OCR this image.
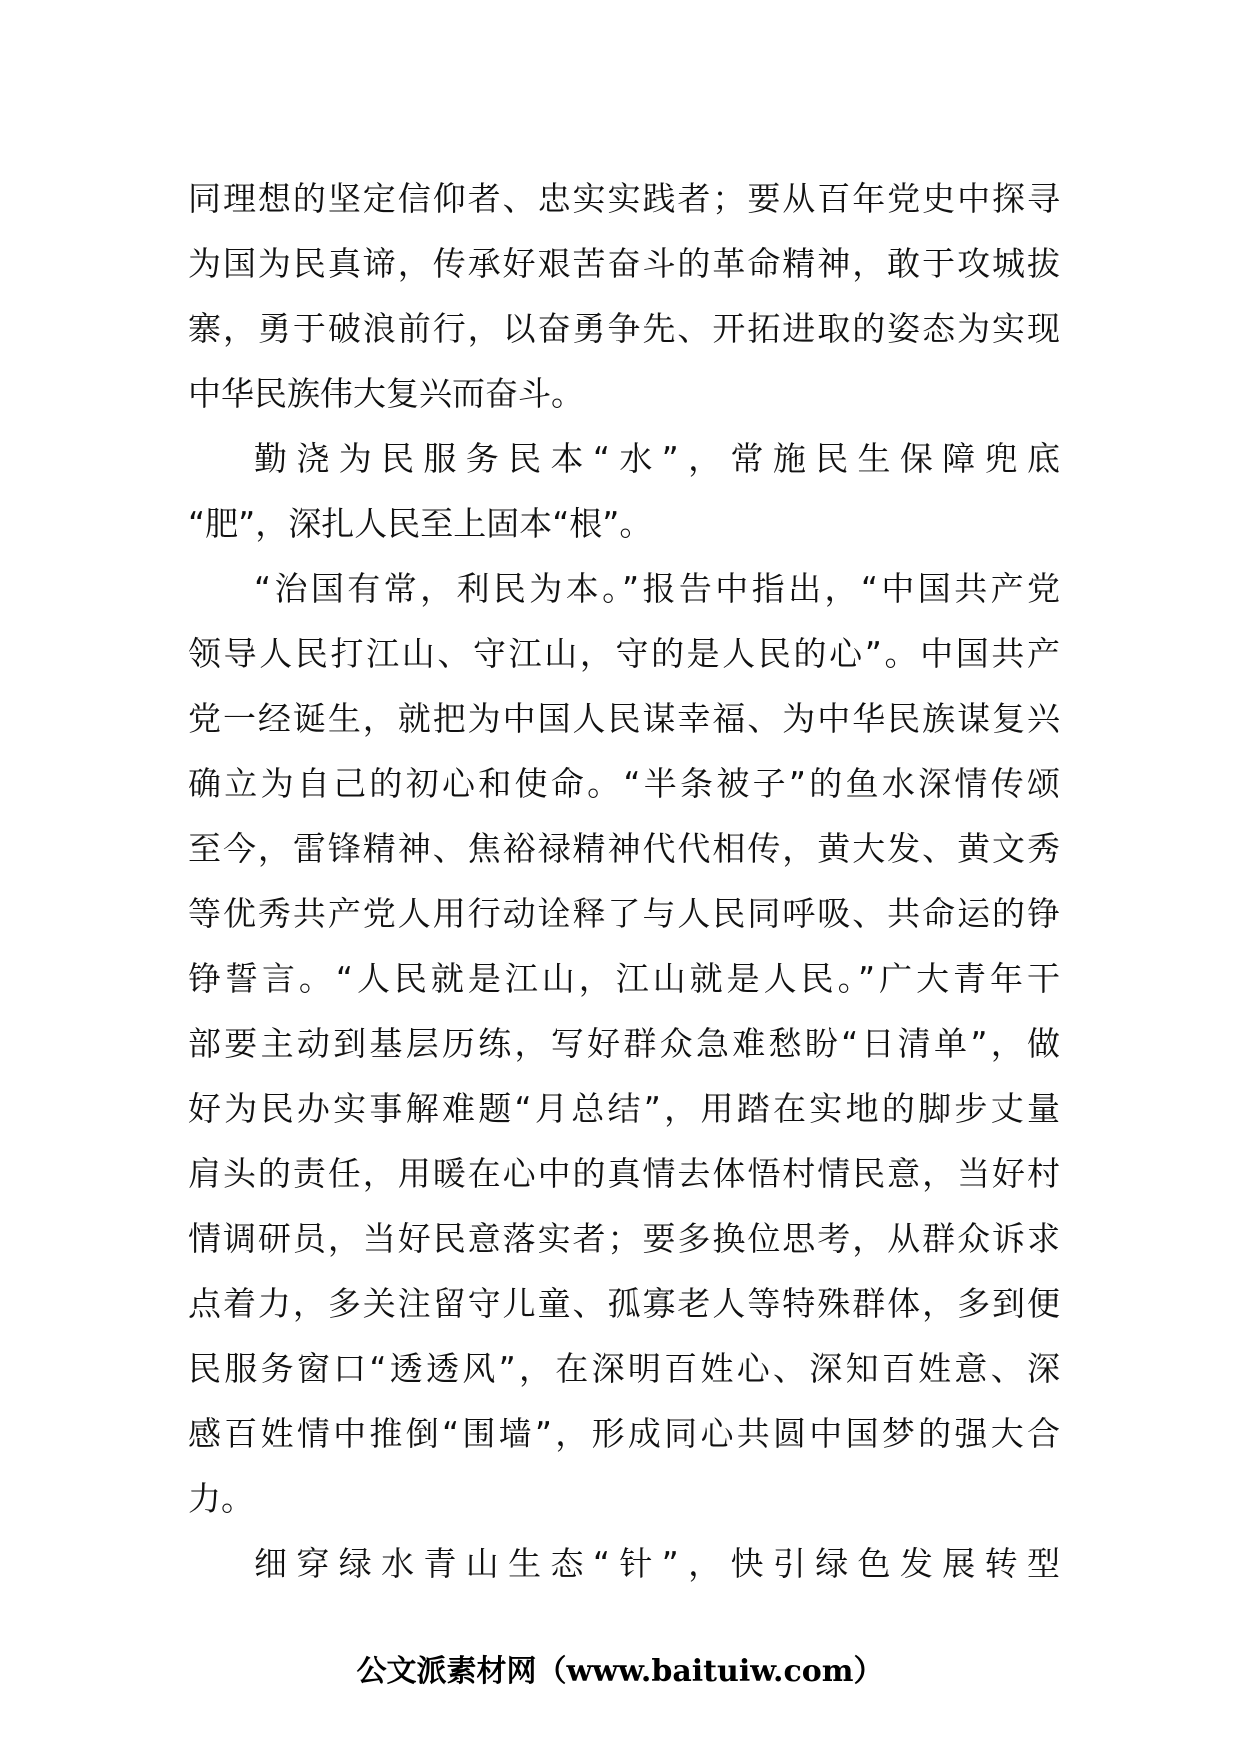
同理想的坚定信仰者、忠实实践者；要从百年党史中探寻
为国为民真谛，传承好艰苦奋斗的革命精神，敢于攻城拔
寨，勇于破浪前行，以奋勇争先、开拓进取的姿态为实现
中华民族伟大复兴而奋斗。
勤浇为民服务民本“水”，常施民生保障兜底
“肥”，深扎人民至上固本“根”。
“治国有常，利民为本。”报告中指出，“中国共产党
领导人民打江山、守江山，守的是人民的心”。中国共产
党一经诞生，就把为中国人民谋幸福、为中华民族谋复兴
确立为自己的初心和使命。“半条被子”的鱼水深情传颂
至今，雷锋精神、焦裕禄精神代代相传，黄大发、黄文秀
等优秀共产党人用行动诠释了与人民同呼吸、共命运的铮
铮誓言。“人民就是江山，江山就是人民。”广大青年干
部要主动到基层历练，写好群众急难愁盼“日清单”，做
好为民办实事解难题“月总结”，用踏在实地的脚步丈量
肩头的责任，用暖在心中的真情去体悟村情民意，当好村
情调研员，当好民意落实者；要多换位思考，从群众诉求
点着力，多关注留守儿童、孤寡老人等特殊群体，多到便
民服务窗口“透透风”，在深明百姓心、深知百姓意、深
感百姓情中推倒“围墙”，形成同心共圆中国梦的强大合
力。
细穿绿水青山生态“针”，快引绿色发展转型
公文派素材网（www.baituiw.com）
